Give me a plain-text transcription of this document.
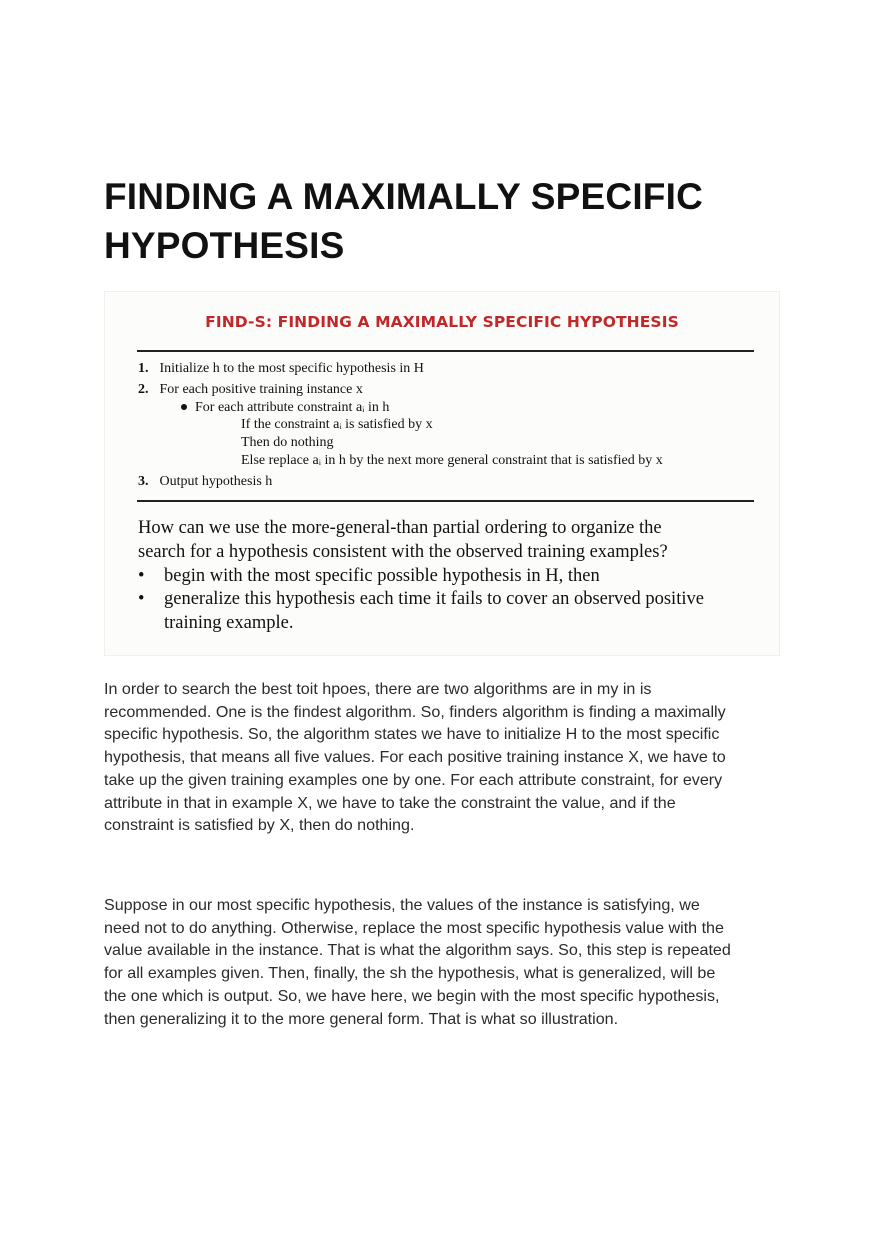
FINDING A MAXIMALLY SPECIFIC
HYPOTHESIS
FIND-S: FINDING A MAXIMALLY SPECIFIC HYPOTHESIS
1. Initialize h to the most specific hypothesis in H
2. For each positive training instance x
For each attribute constraint aᵢ in h
If the constraint aᵢ is satisfied by x
Then do nothing
Else replace aᵢ in h by the next more general constraint that is satisfied by x
3. Output hypothesis h
How can we use the more-general-than partial ordering to organize the
search for a hypothesis consistent with the observed training examples?
• begin with the most specific possible hypothesis in H, then
• generalize this hypothesis each time it fails to cover an observed positive
training example.
In order to search the best toit hpoes, there are two algorithms are in my in is
recommended. One is the findest algorithm. So, finders algorithm is finding a maximally
specific hypothesis. So, the algorithm states we have to initialize H to the most specific
hypothesis, that means all five values. For each positive training instance X, we have to
take up the given training examples one by one. For each attribute constraint, for every
attribute in that in example X, we have to take the constraint the value, and if the
constraint is satisfied by X, then do nothing.
Suppose in our most specific hypothesis, the values of the instance is satisfying, we
need not to do anything. Otherwise, replace the most specific hypothesis value with the
value available in the instance. That is what the algorithm says. So, this step is repeated
for all examples given. Then, finally, the sh the hypothesis, what is generalized, will be
the one which is output. So, we have here, we begin with the most specific hypothesis,
then generalizing it to the more general form. That is what so illustration.
